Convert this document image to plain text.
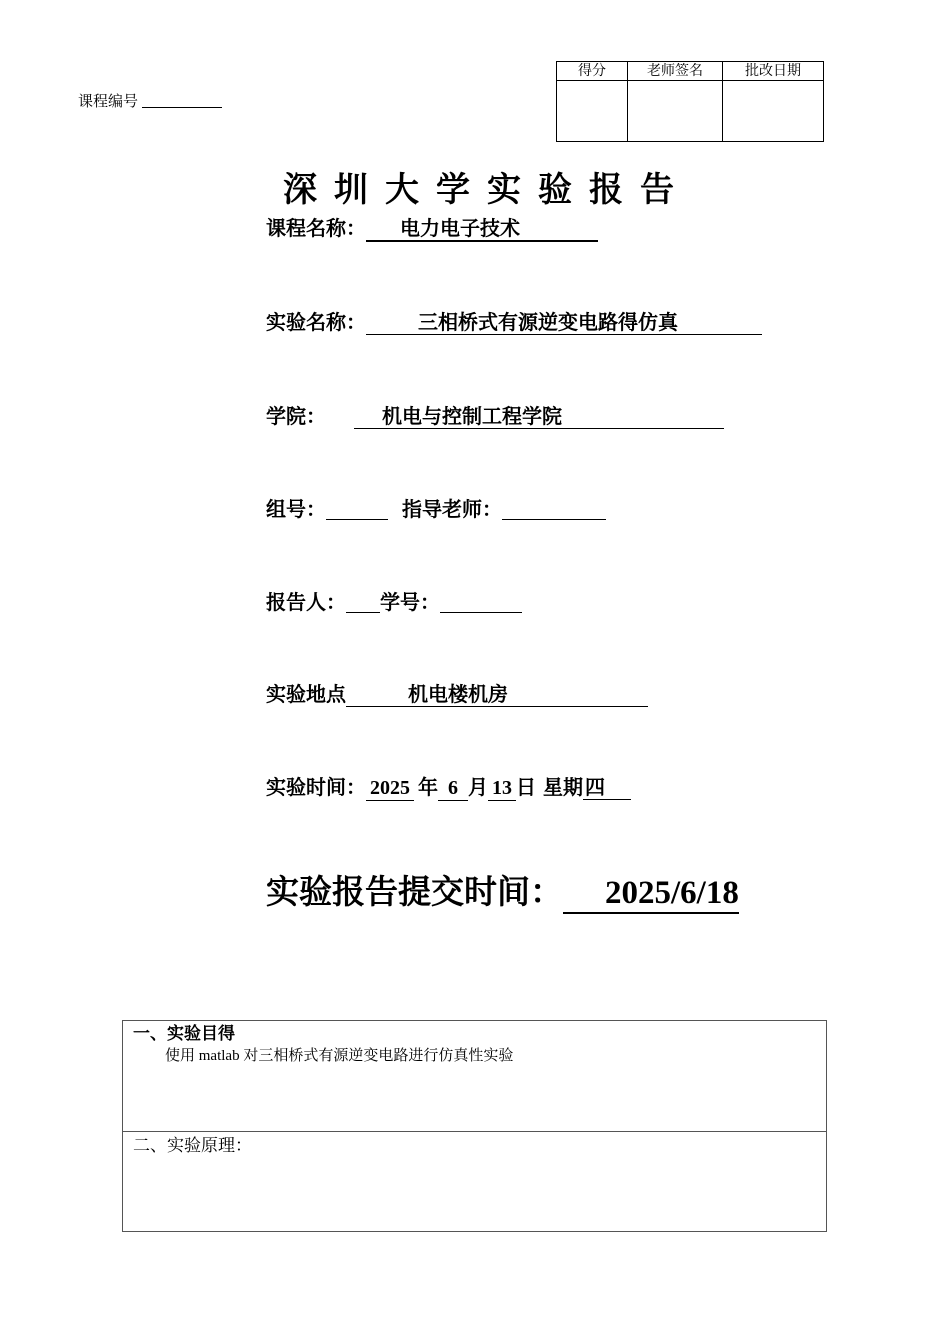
课程编号
得分	老师签名	批改日期

深圳大学实验报告
课程名称： 电力电子技术
实验名称：	三相桥式有源逆变电路得仿真
学院：	机电与控制工程学院
组号：	指导老师：
报告人： 学号：
实验地点	机电楼机房
实验时间： 2025 年 6 月 13 日 星期 四
实验报告提交时间： 2025/6/18
一、实验目得
使用 matlab 对三相桥式有源逆变电路进行仿真性实验
二、实验原理：
